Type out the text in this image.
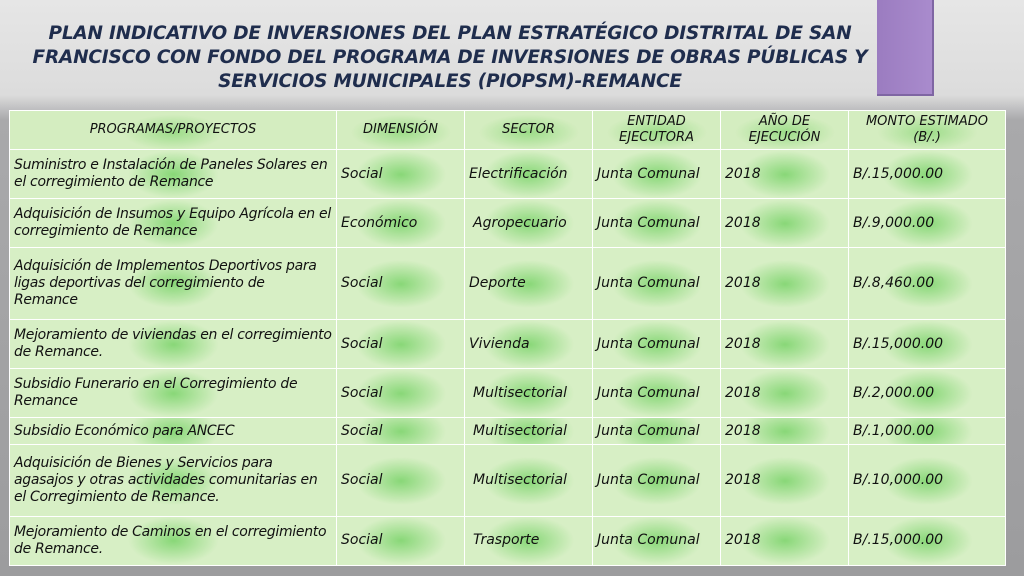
PLAN INDICATIVO DE INVERSIONES DEL PLAN ESTRATÉGICO DISTRITAL DE SAN FRANCISCO CON FONDO DEL PROGRAMA DE INVERSIONES DE OBRAS PÚBLICAS Y SERVICIOS MUNICIPALES (PIOPSM)-REMANCE
PROGRAMAS/PROYECTOS	DIMENSIÓN	SECTOR	ENTIDAD EJECUTORA	AÑO DE EJECUCIÓN	MONTO ESTIMADO (B/.)
Suministro e Instalación de Paneles Solares en el corregimiento de Remance	Social	Electrificación	Junta Comunal	2018	B/.15,000.00
Adquisición de Insumos y Equipo Agrícola en el corregimiento de Remance	Económico	Agropecuario	Junta Comunal	2018	B/.9,000.00
Adquisición de Implementos Deportivos para ligas deportivas del corregimiento de Remance	Social	Deporte	Junta Comunal	2018	B/.8,460.00
Mejoramiento de viviendas en el corregimiento de Remance.	Social	Vivienda	Junta Comunal	2018	B/.15,000.00
Subsidio Funerario en el Corregimiento de Remance	Social	Multisectorial	Junta Comunal	2018	B/.2,000.00
Subsidio Económico para ANCEC	Social	Multisectorial	Junta Comunal	2018	B/.1,000.00
Adquisición de Bienes y Servicios para agasajos y otras actividades comunitarias en el Corregimiento de Remance.	Social	Multisectorial	Junta Comunal	2018	B/.10,000.00
Mejoramiento de Caminos en el corregimiento de Remance.	Social	Trasporte	Junta Comunal	2018	B/.15,000.00
